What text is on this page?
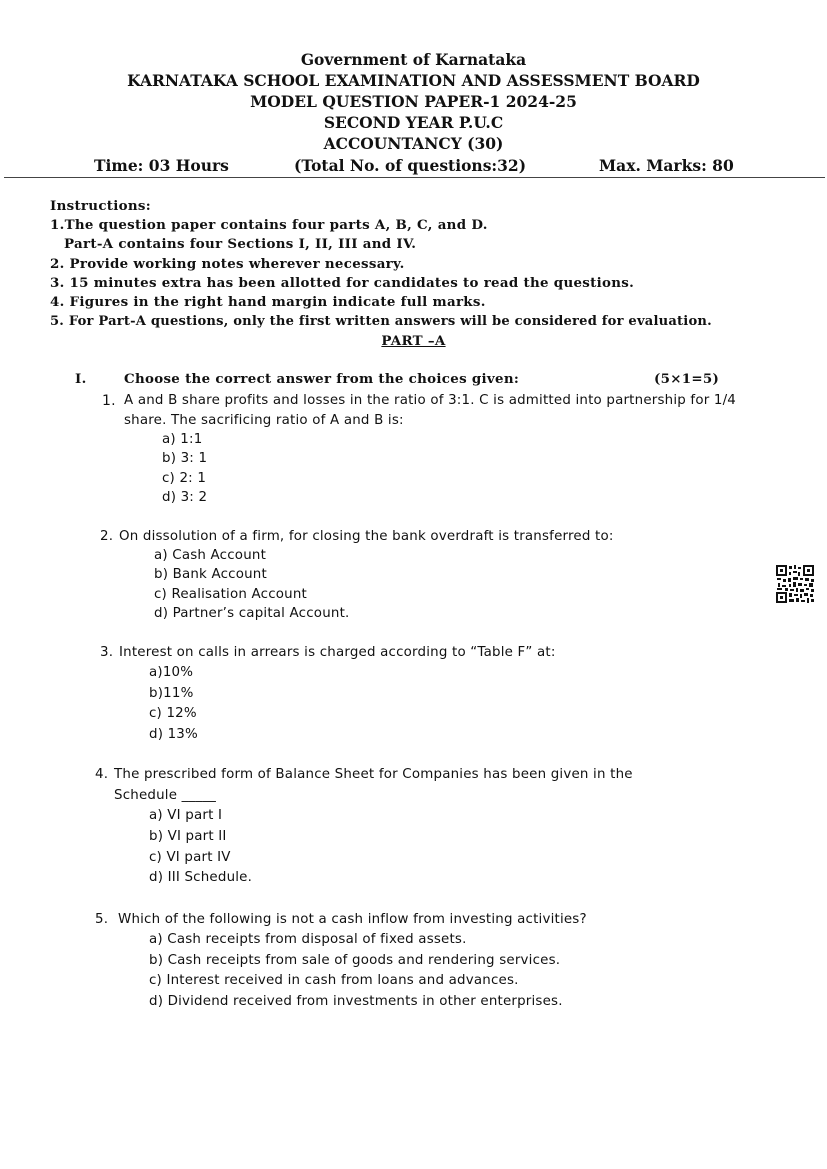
Government of Karnataka
KARNATAKA SCHOOL EXAMINATION AND ASSESSMENT BOARD
MODEL QUESTION PAPER-1 2024-25
SECOND YEAR P.U.C
ACCOUNTANCY (30)
Time: 03 Hours	(Total No. of questions:32)	Max. Marks: 80
Instructions:
1.The question paper contains four parts A, B, C, and D.
Part-A contains four Sections I, II, III and IV.
2. Provide working notes wherever necessary.
3. 15 minutes extra has been allotted for candidates to read the questions.
4. Figures in the right hand margin indicate full marks.
5. For Part-A questions, only the first written answers will be considered for evaluation.
PART –A
I.	Choose the correct answer from the choices given:	(5×1=5)
1. A and B share profits and losses in the ratio of 3:1. C is admitted into partnership for 1/4
share. The sacrificing ratio of A and B is:
a) 1:1
b) 3: 1
c) 2: 1
d) 3: 2
2. On dissolution of a firm, for closing the bank overdraft is transferred to:
a) Cash Account
b) Bank Account
c) Realisation Account
d) Partner’s capital Account.
3. Interest on calls in arrears is charged according to “Table F” at:
a)10%
b)11%
c) 12%
d) 13%
4. The prescribed form of Balance Sheet for Companies has been given in the
Schedule _____
a) VI part I
b) VI part II
c) VI part IV
d) III Schedule.
5. Which of the following is not a cash inflow from investing activities?
a) Cash receipts from disposal of fixed assets.
b) Cash receipts from sale of goods and rendering services.
c) Interest received in cash from loans and advances.
d) Dividend received from investments in other enterprises.
